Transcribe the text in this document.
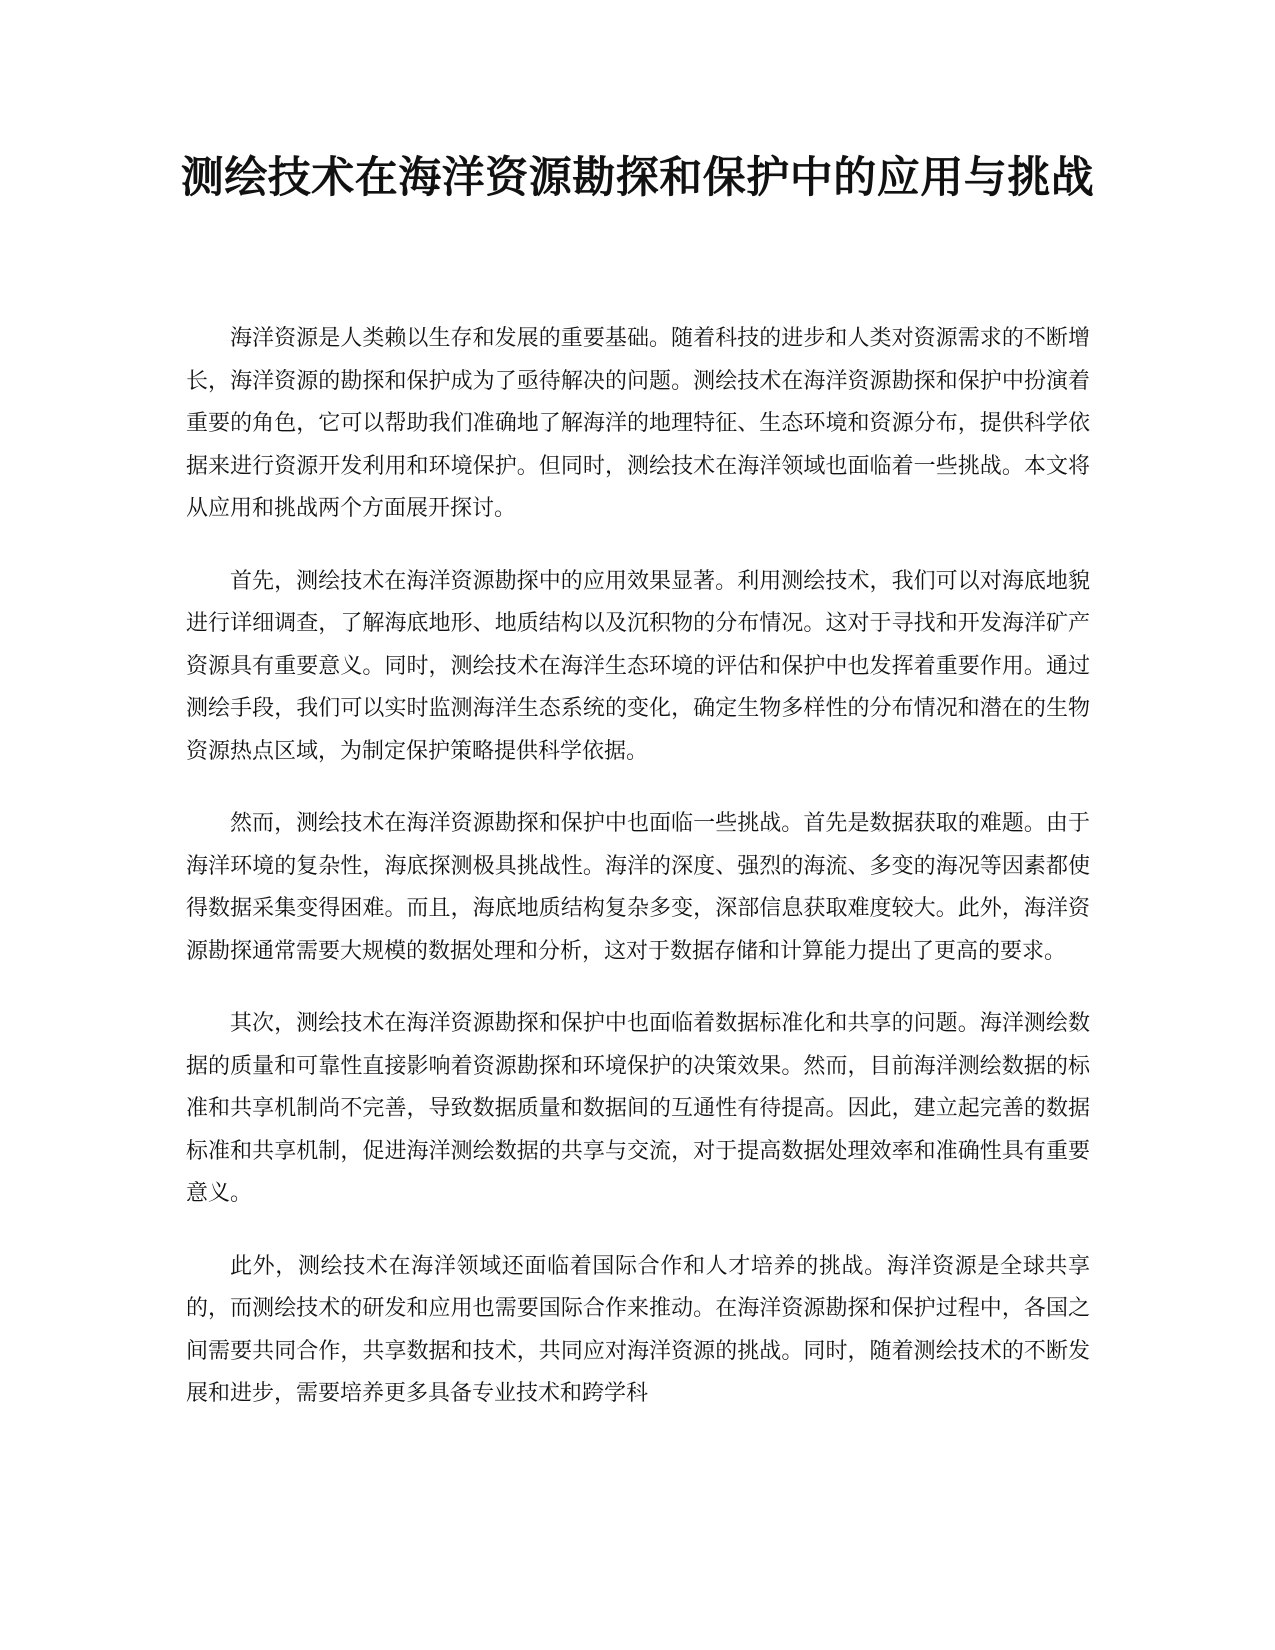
测绘技术在海洋资源勘探和保护中的应用与挑战

海洋资源是人类赖以生存和发展的重要基础。随着科技的进步和人类对资源需求的不断增长，海洋资源的勘探和保护成为了亟待解决的问题。测绘技术在海洋资源勘探和保护中扮演着重要的角色，它可以帮助我们准确地了解海洋的地理特征、生态环境和资源分布，提供科学依据来进行资源开发利用和环境保护。但同时，测绘技术在海洋领域也面临着一些挑战。本文将从应用和挑战两个方面展开探讨。

首先，测绘技术在海洋资源勘探中的应用效果显著。利用测绘技术，我们可以对海底地貌进行详细调查，了解海底地形、地质结构以及沉积物的分布情况。这对于寻找和开发海洋矿产资源具有重要意义。同时，测绘技术在海洋生态环境的评估和保护中也发挥着重要作用。通过测绘手段，我们可以实时监测海洋生态系统的变化，确定生物多样性的分布情况和潜在的生物资源热点区域，为制定保护策略提供科学依据。

然而，测绘技术在海洋资源勘探和保护中也面临一些挑战。首先是数据获取的难题。由于海洋环境的复杂性，海底探测极具挑战性。海洋的深度、强烈的海流、多变的海况等因素都使得数据采集变得困难。而且，海底地质结构复杂多变，深部信息获取难度较大。此外，海洋资源勘探通常需要大规模的数据处理和分析，这对于数据存储和计算能力提出了更高的要求。

其次，测绘技术在海洋资源勘探和保护中也面临着数据标准化和共享的问题。海洋测绘数据的质量和可靠性直接影响着资源勘探和环境保护的决策效果。然而，目前海洋测绘数据的标准和共享机制尚不完善，导致数据质量和数据间的互通性有待提高。因此，建立起完善的数据标准和共享机制，促进海洋测绘数据的共享与交流，对于提高数据处理效率和准确性具有重要意义。

此外，测绘技术在海洋领域还面临着国际合作和人才培养的挑战。海洋资源是全球共享的，而测绘技术的研发和应用也需要国际合作来推动。在海洋资源勘探和保护过程中，各国之间需要共同合作，共享数据和技术，共同应对海洋资源的挑战。同时，随着测绘技术的不断发展和进步，需要培养更多具备专业技术和跨学科
